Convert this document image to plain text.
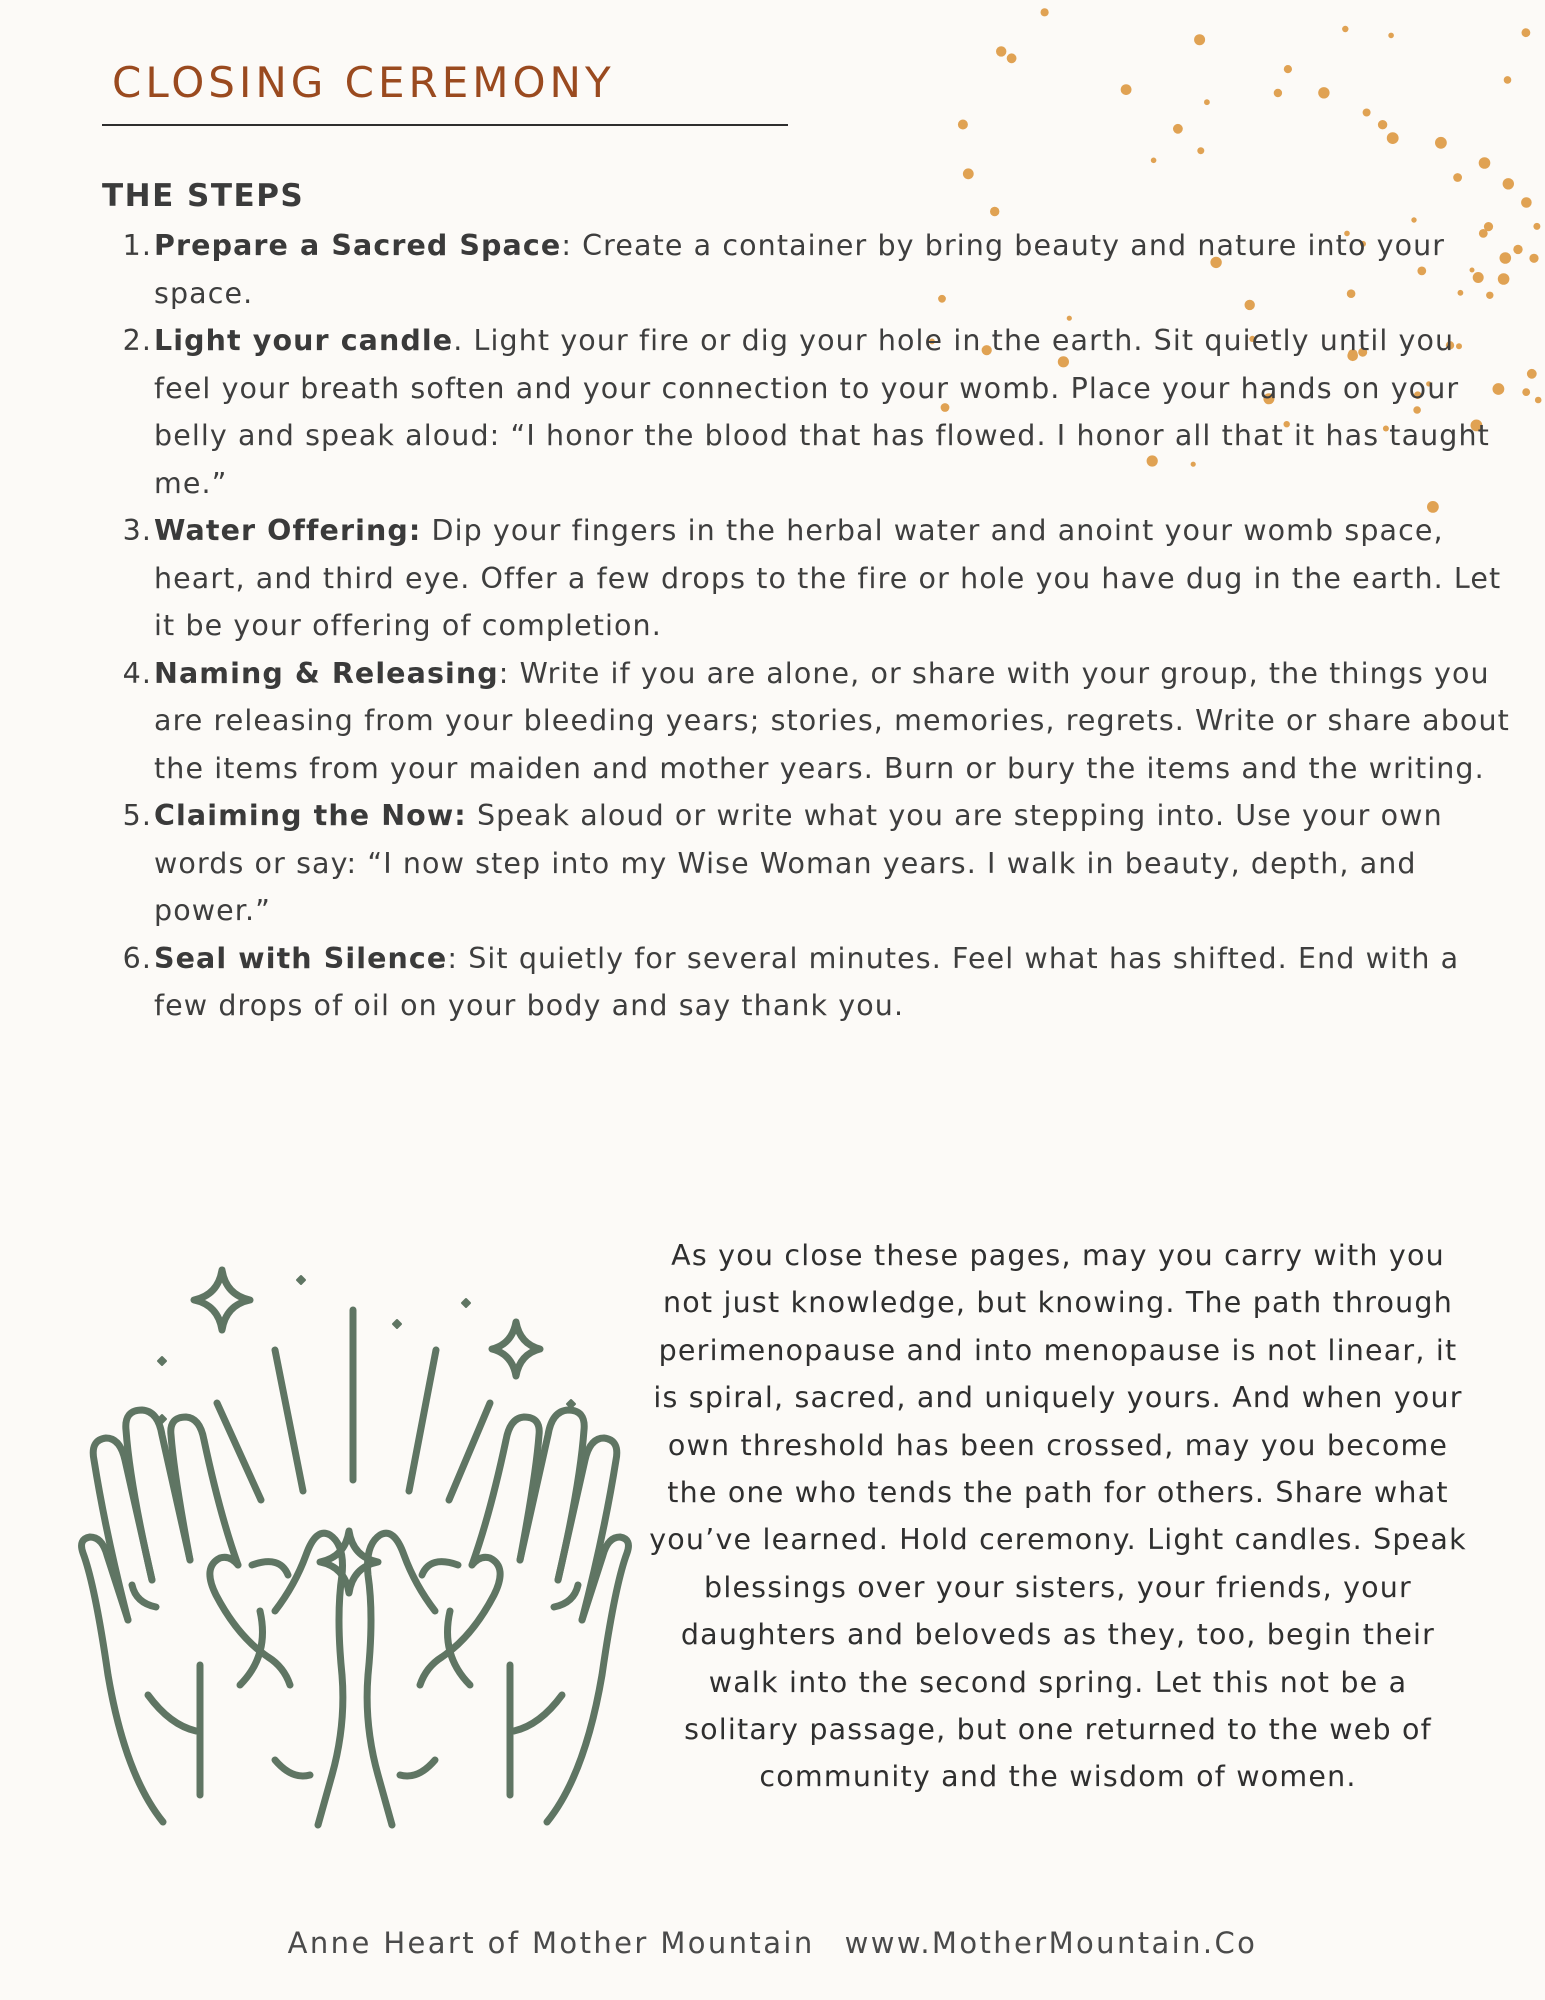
CLOSING CEREMONY
THE STEPS
1. Prepare a Sacred Space: Create a container by bring beauty and nature into your space.
2. Light your candle. Light your fire or dig your hole in the earth. Sit quietly until you feel your breath soften and your connection to your womb. Place your hands on your belly and speak aloud: “I honor the blood that has flowed. I honor all that it has taught me.”
3. Water Offering: Dip your fingers in the herbal water and anoint your womb space, heart, and third eye. Offer a few drops to the fire or hole you have dug in the earth. Let it be your offering of completion.
4. Naming & Releasing: Write if you are alone, or share with your group, the things you are releasing from your bleeding years; stories, memories, regrets. Write or share about the items from your maiden and mother years. Burn or bury the items and the writing.
5. Claiming the Now: Speak aloud or write what you are stepping into. Use your own words or say: “I now step into my Wise Woman years. I walk in beauty, depth, and power.”
6. Seal with Silence: Sit quietly for several minutes. Feel what has shifted. End with a few drops of oil on your body and say thank you.

As you close these pages, may you carry with you not just knowledge, but knowing. The path through perimenopause and into menopause is not linear, it is spiral, sacred, and uniquely yours. And when your own threshold has been crossed, may you become the one who tends the path for others. Share what you’ve learned. Hold ceremony. Light candles. Speak blessings over your sisters, your friends, your daughters and beloveds as they, too, begin their walk into the second spring. Let this not be a solitary passage, but one returned to the web of community and the wisdom of women.

Anne Heart of Mother Mountain www.MotherMountain.Co
